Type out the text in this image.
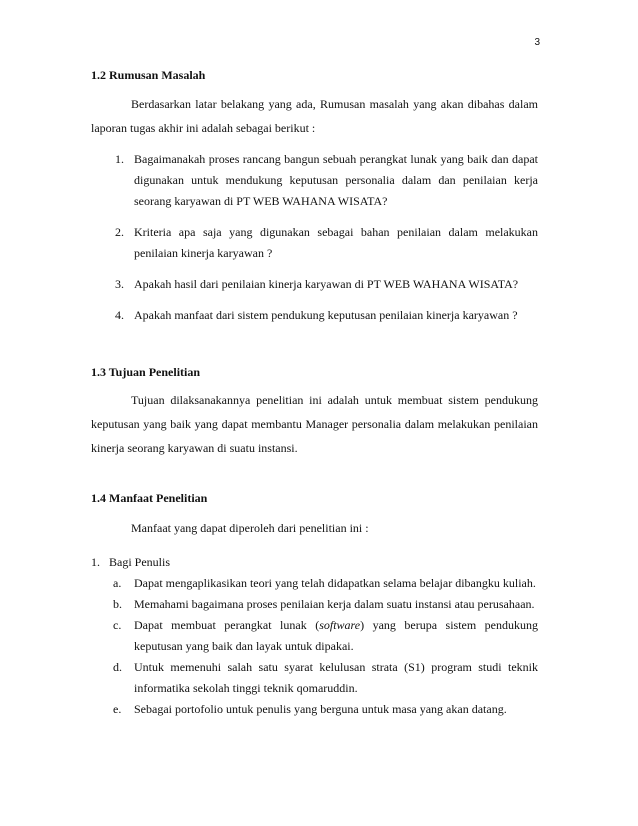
3
1.2 Rumusan Masalah

Berdasarkan latar belakang yang ada, Rumusan masalah yang akan dibahas dalam laporan tugas akhir ini adalah sebagai berikut :

1. Bagaimanakah proses rancang bangun sebuah perangkat lunak yang baik dan dapat digunakan untuk mendukung keputusan personalia dalam dan penilaian kerja seorang karyawan di PT WEB WAHANA WISATA?
2. Kriteria apa saja yang digunakan sebagai bahan penilaian dalam melakukan penilaian kinerja karyawan ?
3. Apakah hasil dari penilaian kinerja karyawan di PT WEB WAHANA WISATA?
4. Apakah manfaat dari sistem pendukung keputusan penilaian kinerja karyawan ?
1.3 Tujuan Penelitian

Tujuan dilaksanakannya penelitian ini adalah untuk membuat sistem pendukung keputusan yang baik yang dapat membantu Manager personalia dalam melakukan penilaian kinerja seorang karyawan di suatu instansi.

1.4 Manfaat Penelitian

Manfaat yang dapat diperoleh dari penelitian ini :

1. Bagi Penulis
a. Dapat mengaplikasikan teori yang telah didapatkan selama belajar dibangku kuliah.
b. Memahami bagaimana proses penilaian kerja dalam suatu instansi atau perusahaan.
c. Dapat membuat perangkat lunak (software) yang berupa sistem pendukung keputusan yang baik dan layak untuk dipakai.
d. Untuk memenuhi salah satu syarat kelulusan strata (S1) program studi teknik informatika sekolah tinggi teknik qomaruddin.
e. Sebagai portofolio untuk penulis yang berguna untuk masa yang akan datang.
